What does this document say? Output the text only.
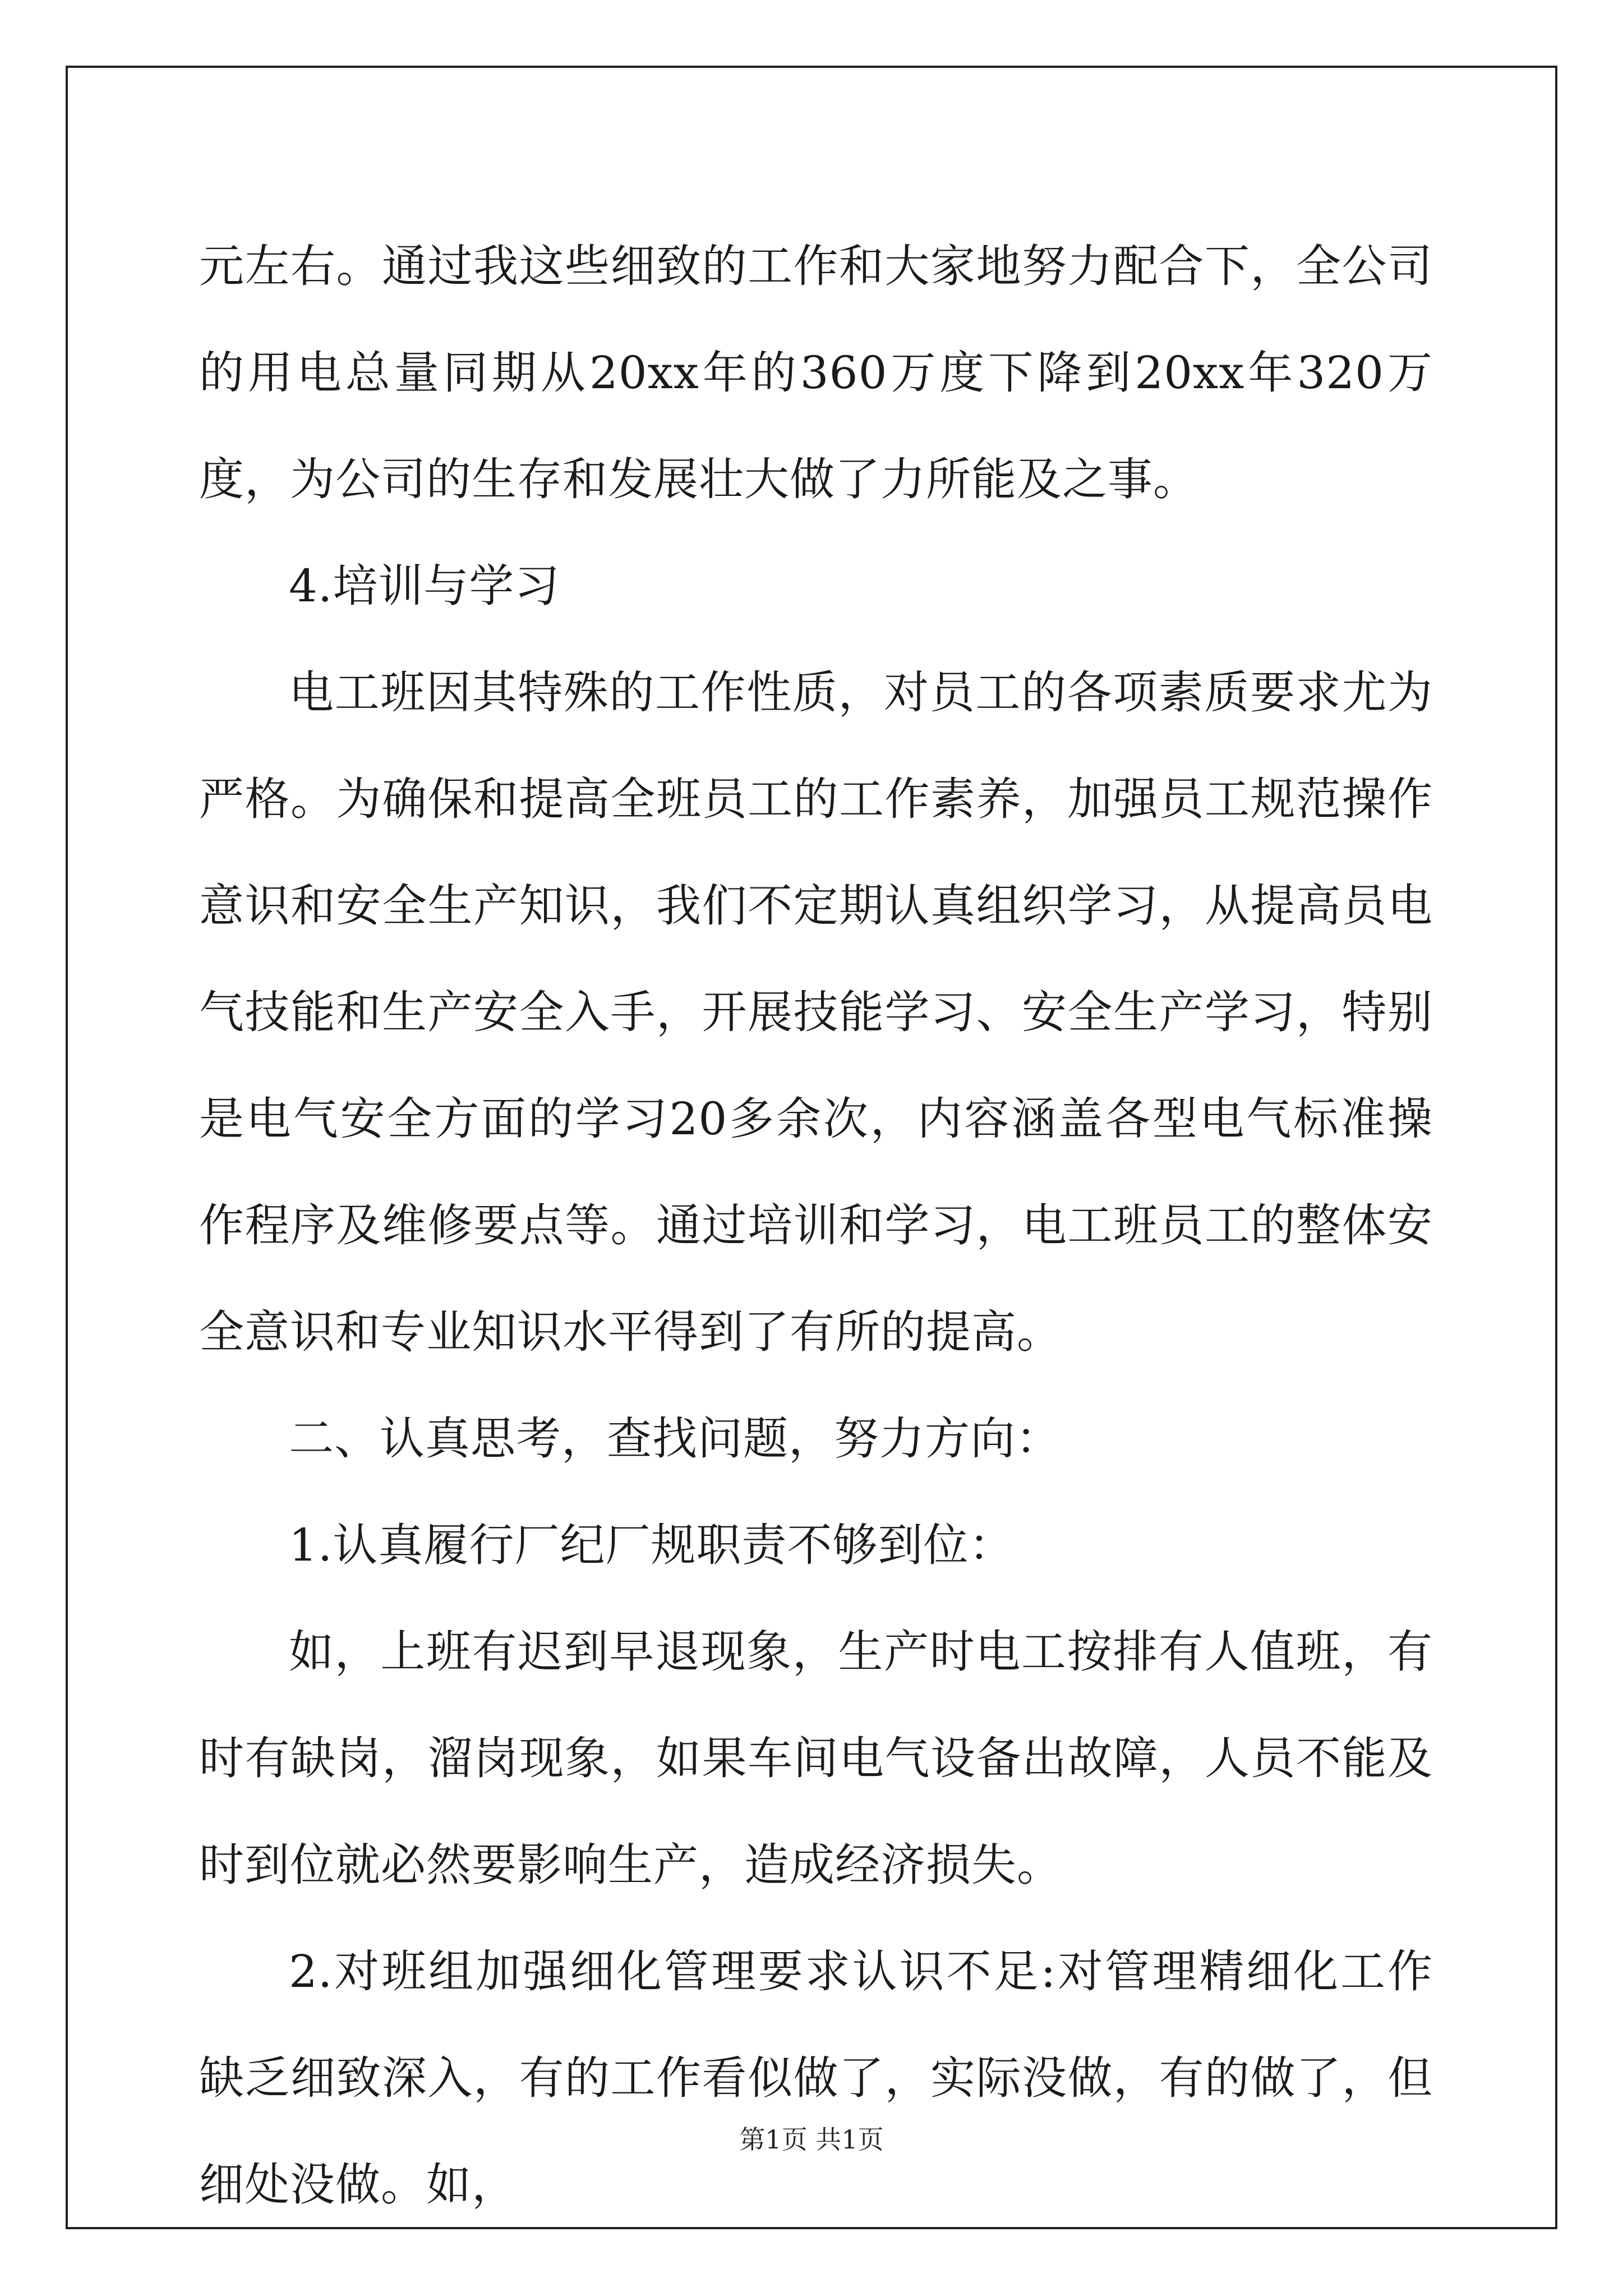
元左右。通过我这些细致的工作和大家地努力配合下，全公司的用电总量同期从20xx年的360万度下降到20xx年320万度，为公司的生存和发展壮大做了力所能及之事。

4.培训与学习

电工班因其特殊的工作性质，对员工的各项素质要求尤为严格。为确保和提高全班员工的工作素养，加强员工规范操作意识和安全生产知识，我们不定期认真组织学习，从提高员电气技能和生产安全入手，开展技能学习、安全生产学习，特别是电气安全方面的学习20多余次，内容涵盖各型电气标准操作程序及维修要点等。通过培训和学习，电工班员工的整体安全意识和专业知识水平得到了有所的提高。

二、认真思考，查找问题，努力方向：

1.认真履行厂纪厂规职责不够到位：

如，上班有迟到早退现象，生产时电工按排有人值班，有时有缺岗，溜岗现象，如果车间电气设备出故障，人员不能及时到位就必然要影响生产，造成经济损失。

2.对班组加强细化管理要求认识不足:对管理精细化工作缺乏细致深入，有的工作看似做了，实际没做，有的做了，但细处没做。如，

第1页 共1页
